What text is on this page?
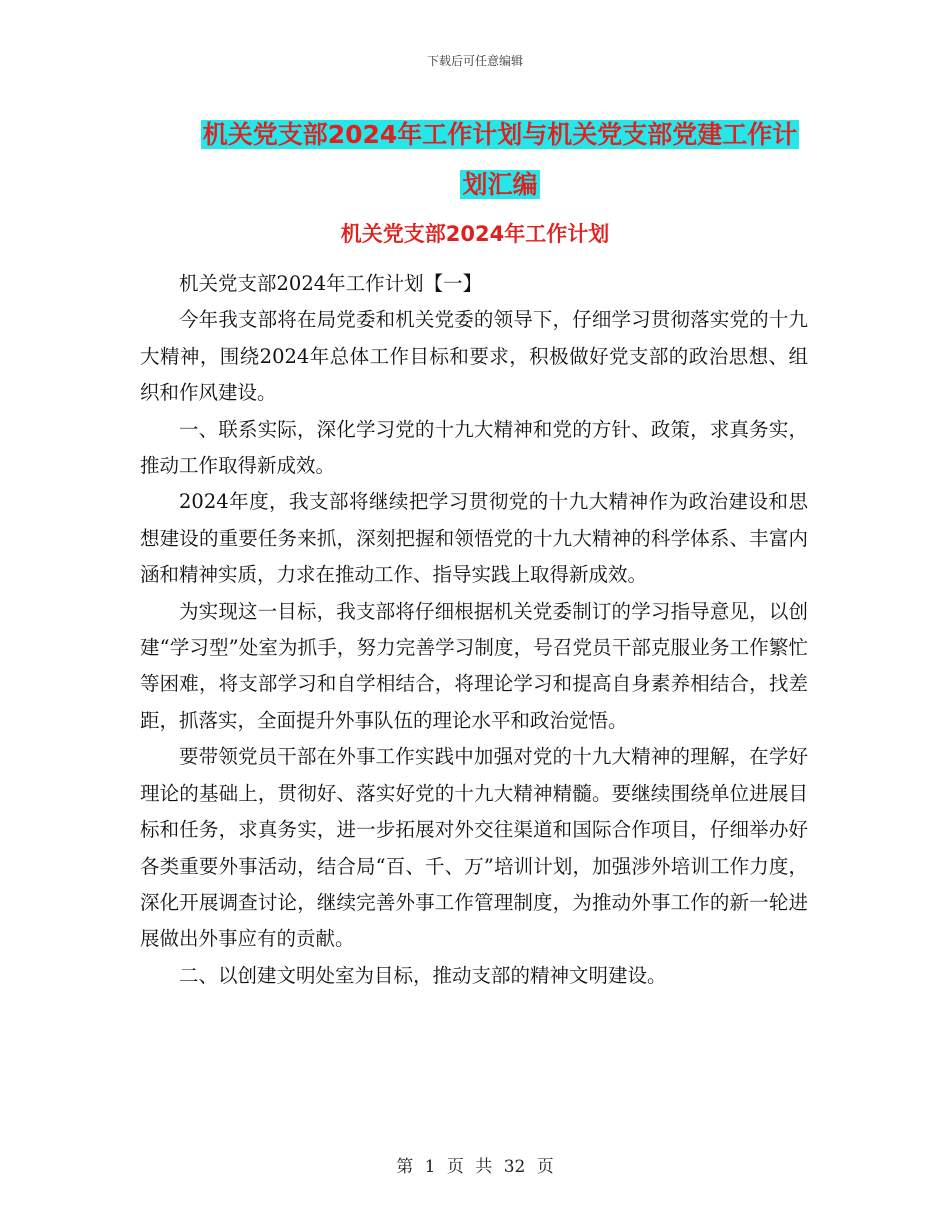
下载后可任意编辑
机关党支部2024年工作计划与机关党支部党建工作计
划汇编
机关党支部2024年工作计划

机关党支部2024年工作计划【一】

今年我支部将在局党委和机关党委的领导下，仔细学习贯彻落实党的十九大精神，围绕2024年总体工作目标和要求，积极做好党支部的政治思想、组织和作风建设。

一、联系实际，深化学习党的十九大精神和党的方针、政策，求真务实，推动工作取得新成效。

2024年度，我支部将继续把学习贯彻党的十九大精神作为政治建设和思想建设的重要任务来抓，深刻把握和领悟党的十九大精神的科学体系、丰富内涵和精神实质，力求在推动工作、指导实践上取得新成效。

为实现这一目标，我支部将仔细根据机关党委制订的学习指导意见，以创建“学习型”处室为抓手，努力完善学习制度，号召党员干部克服业务工作繁忙等困难，将支部学习和自学相结合，将理论学习和提高自身素养相结合，找差距，抓落实，全面提升外事队伍的理论水平和政治觉悟。

要带领党员干部在外事工作实践中加强对党的十九大精神的理解，在学好理论的基础上，贯彻好、落实好党的十九大精神精髓。要继续围绕单位进展目标和任务，求真务实，进一步拓展对外交往渠道和国际合作项目，仔细举办好各类重要外事活动，结合局“百、千、万”培训计划，加强涉外培训工作力度，深化开展调查讨论，继续完善外事工作管理制度，为推动外事工作的新一轮进展做出外事应有的贡献。

二、以创建文明处室为目标，推动支部的精神文明建设。

第 1 页 共 32 页
